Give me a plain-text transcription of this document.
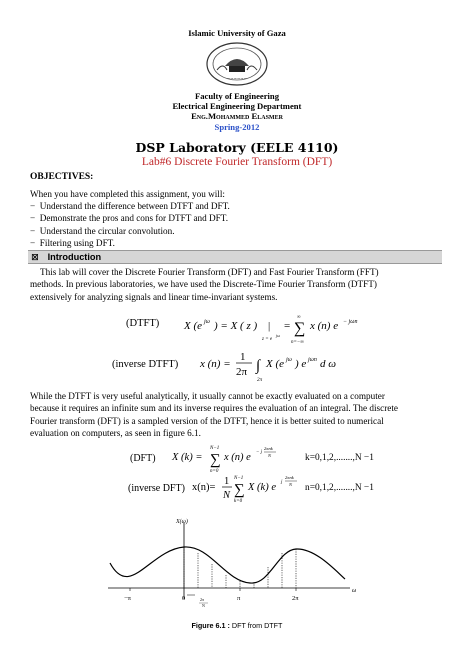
Islamic University of Gaza
~~~~~~
Faculty of Engineering
Electrical Engineering Department
Eng.Mohammed Elasmer
Spring-2012
DSP Laboratory (EELE 4110)
Lab#6 Discrete Fourier Transform (DFT)
OBJECTIVES:
When you have completed this assignment, you will:
−  Understand the difference between DTFT and DFT.
−  Demonstrate the pros and cons for DTFT and DFT.
−  Understand the circular convolution.
−  Filtering using DFT.
☒ Introduction
This lab will cover the Discrete Fourier Transform (DFT) and Fast Fourier Transform (FFT)
methods. In previous laboratories, we have used the Discrete-Time Fourier Transform (DTFT)
extensively for analyzing signals and linear time-invariant systems.
(DTFT) X (e jω ) = X ( z ) |
z = e
jω
= ∑
∞
n=−∞
x (n) e − jωn
(inverse DTFT) x (n) =
1
2π ∫
2π
X (e jω ) e jωn d ω
While the DTFT is very useful analytically, it usually cannot be exactly evaluated on a computer
because it requires an infinite sum and its inverse requires the evaluation of an integral. The discrete
Fourier transform (DFT) is a sampled version of the DTFT, hence it is better suited to numerical
evaluation on computers, as seen in figure 6.1.
(DFT) X (k) = ∑
N−1
n=0
x (n) e − j
2πnk
N	k=0,1,2,.......,N −1
(inverse DFT) x(n)=
1
N ∑
N−1
k=0
X (k) e j
2πnk
N n=0,1,2,.......,N −1
X(ω)
ω
−π	0	π	2π
2π
N
Figure 6.1 : DFT from DTFT
